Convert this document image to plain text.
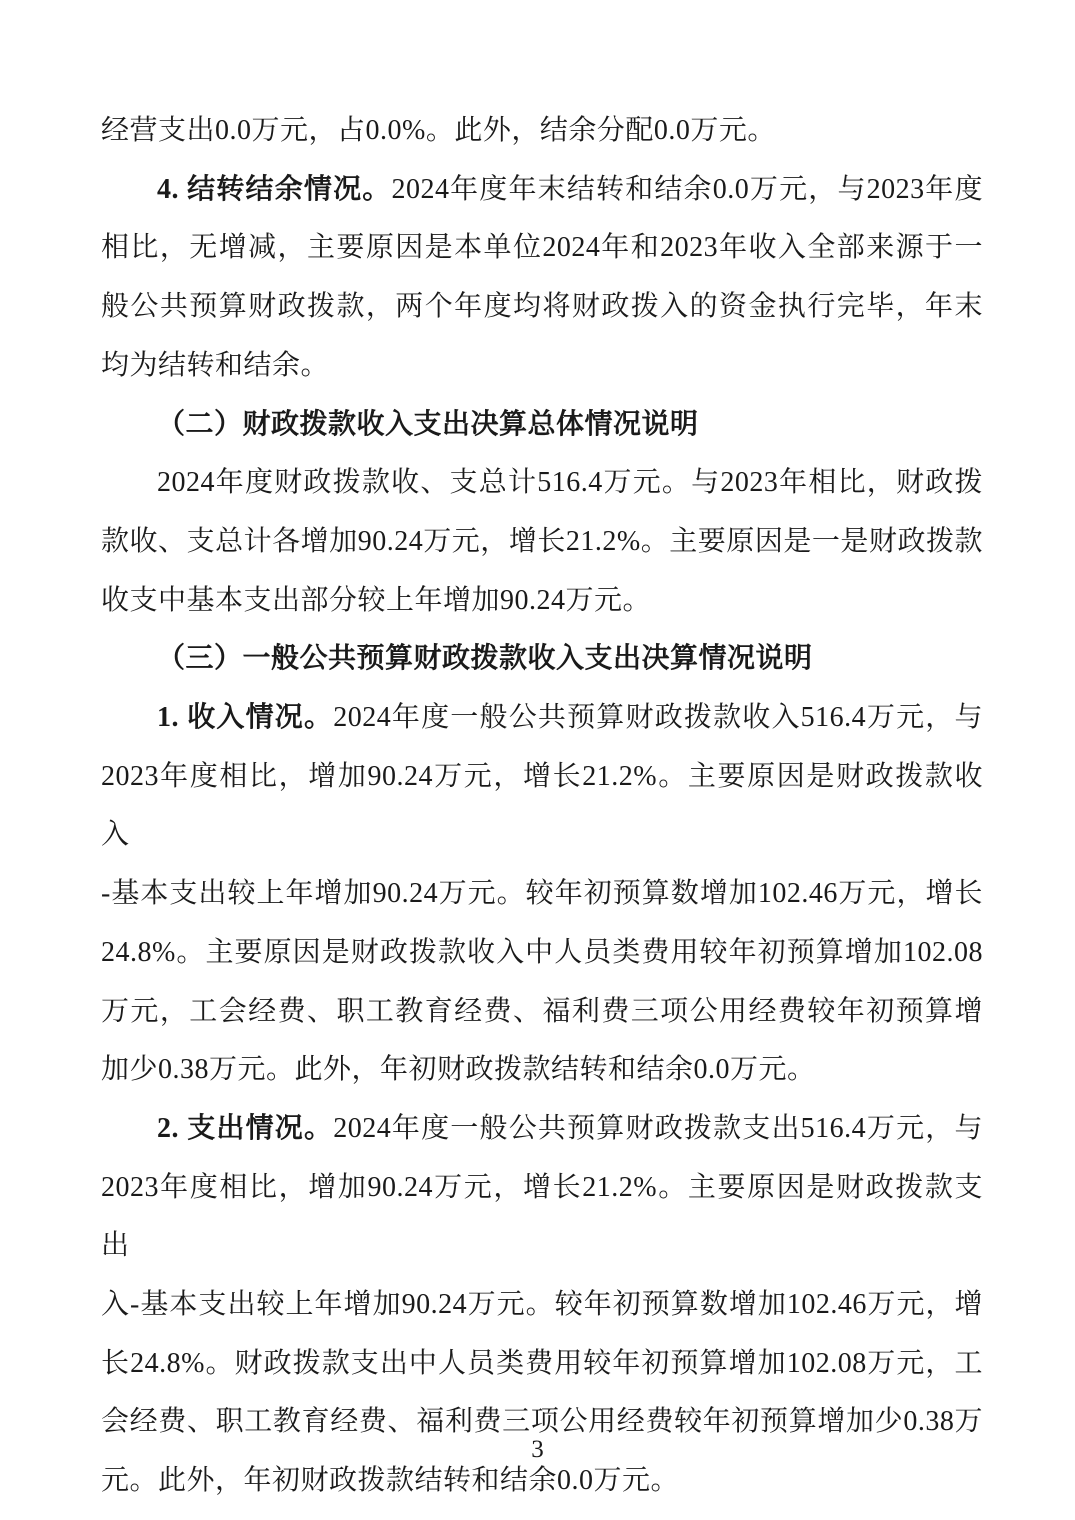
经营支出0.0万元，占0.0%。此外，结余分配0.0万元。
4. 结转结余情况。2024年度年末结转和结余0.0万元，与2023年度
相比，无增减，主要原因是本单位2024年和2023年收入全部来源于一
般公共预算财政拨款，两个年度均将财政拨入的资金执行完毕，年末
均为结转和结余。
（二）财政拨款收入支出决算总体情况说明
2024年度财政拨款收、支总计516.4万元。与2023年相比，财政拨
款收、支总计各增加90.24万元，增长21.2%。主要原因是一是财政拨款
收支中基本支出部分较上年增加90.24万元。
（三）一般公共预算财政拨款收入支出决算情况说明
1. 收入情况。2024年度一般公共预算财政拨款收入516.4万元，与
2023年度相比，增加90.24万元，增长21.2%。主要原因是财政拨款收入
-基本支出较上年增加90.24万元。较年初预算数增加102.46万元，增长
24.8%。主要原因是财政拨款收入中人员类费用较年初预算增加102.08
万元，工会经费、职工教育经费、福利费三项公用经费较年初预算增
加少0.38万元。此外，年初财政拨款结转和结余0.0万元。
2. 支出情况。2024年度一般公共预算财政拨款支出516.4万元，与
2023年度相比，增加90.24万元，增长21.2%。主要原因是财政拨款支出
入-基本支出较上年增加90.24万元。较年初预算数增加102.46万元，增
长24.8%。财政拨款支出中人员类费用较年初预算增加102.08万元，工
会经费、职工教育经费、福利费三项公用经费较年初预算增加少0.38万
元。此外，年初财政拨款结转和结余0.0万元。
3
